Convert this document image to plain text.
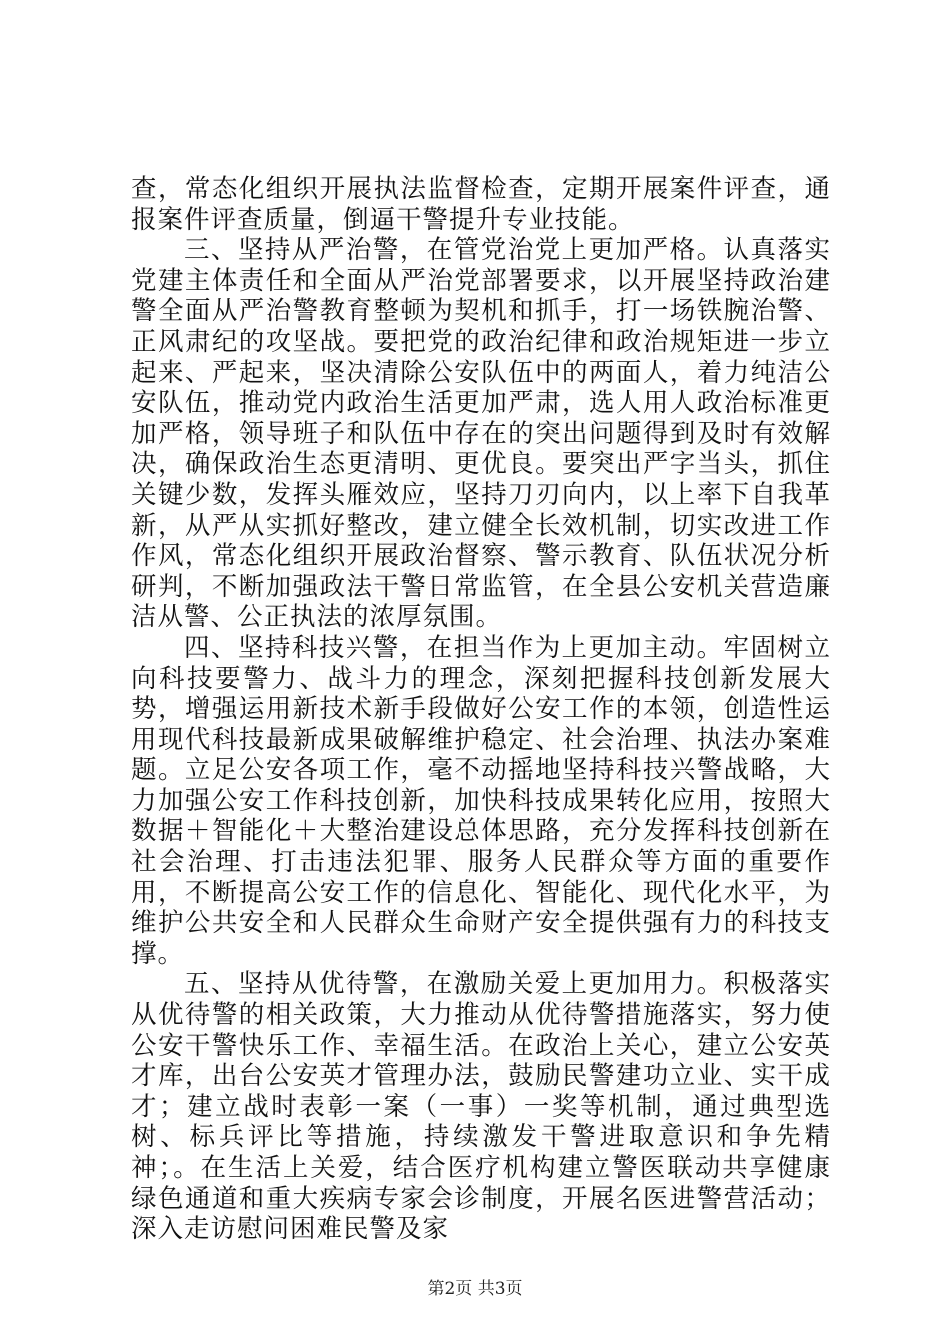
查，常态化组织开展执法监督检查，定期开展案件评查，通报案件评查质量，倒逼干警提升专业技能。

三、坚持从严治警，在管党治党上更加严格。认真落实党建主体责任和全面从严治党部署要求，以开展坚持政治建警全面从严治警教育整顿为契机和抓手，打一场铁腕治警、正风肃纪的攻坚战。要把党的政治纪律和政治规矩进一步立起来、严起来，坚决清除公安队伍中的两面人，着力纯洁公安队伍，推动党内政治生活更加严肃，选人用人政治标准更加严格，领导班子和队伍中存在的突出问题得到及时有效解决，确保政治生态更清明、更优良。要突出严字当头，抓住关键少数，发挥头雁效应，坚持刀刃向内，以上率下自我革新，从严从实抓好整改，建立健全长效机制，切实改进工作作风，常态化组织开展政治督察、警示教育、队伍状况分析研判，不断加强政法干警日常监管，在全县公安机关营造廉洁从警、公正执法的浓厚氛围。

四、坚持科技兴警，在担当作为上更加主动。牢固树立向科技要警力、战斗力的理念，深刻把握科技创新发展大势，增强运用新技术新手段做好公安工作的本领，创造性运用现代科技最新成果破解维护稳定、社会治理、执法办案难题。立足公安各项工作，毫不动摇地坚持科技兴警战略，大力加强公安工作科技创新，加快科技成果转化应用，按照大数据＋智能化＋大整治建设总体思路，充分发挥科技创新在社会治理、打击违法犯罪、服务人民群众等方面的重要作用，不断提高公安工作的信息化、智能化、现代化水平，为维护公共安全和人民群众生命财产安全提供强有力的科技支撑。

五、坚持从优待警，在激励关爱上更加用力。积极落实从优待警的相关政策，大力推动从优待警措施落实，努力使公安干警快乐工作、幸福生活。在政治上关心，建立公安英才库，出台公安英才管理办法，鼓励民警建功立业、实干成才；建立战时表彰一案（一事）一奖等机制，通过典型选树、标兵评比等措施，持续激发干警进取意识和争先精神；。在生活上关爱，结合医疗机构建立警医联动共享健康绿色通道和重大疾病专家会诊制度，开展名医进警营活动；深入走访慰问困难民警及家

第2页 共3页
